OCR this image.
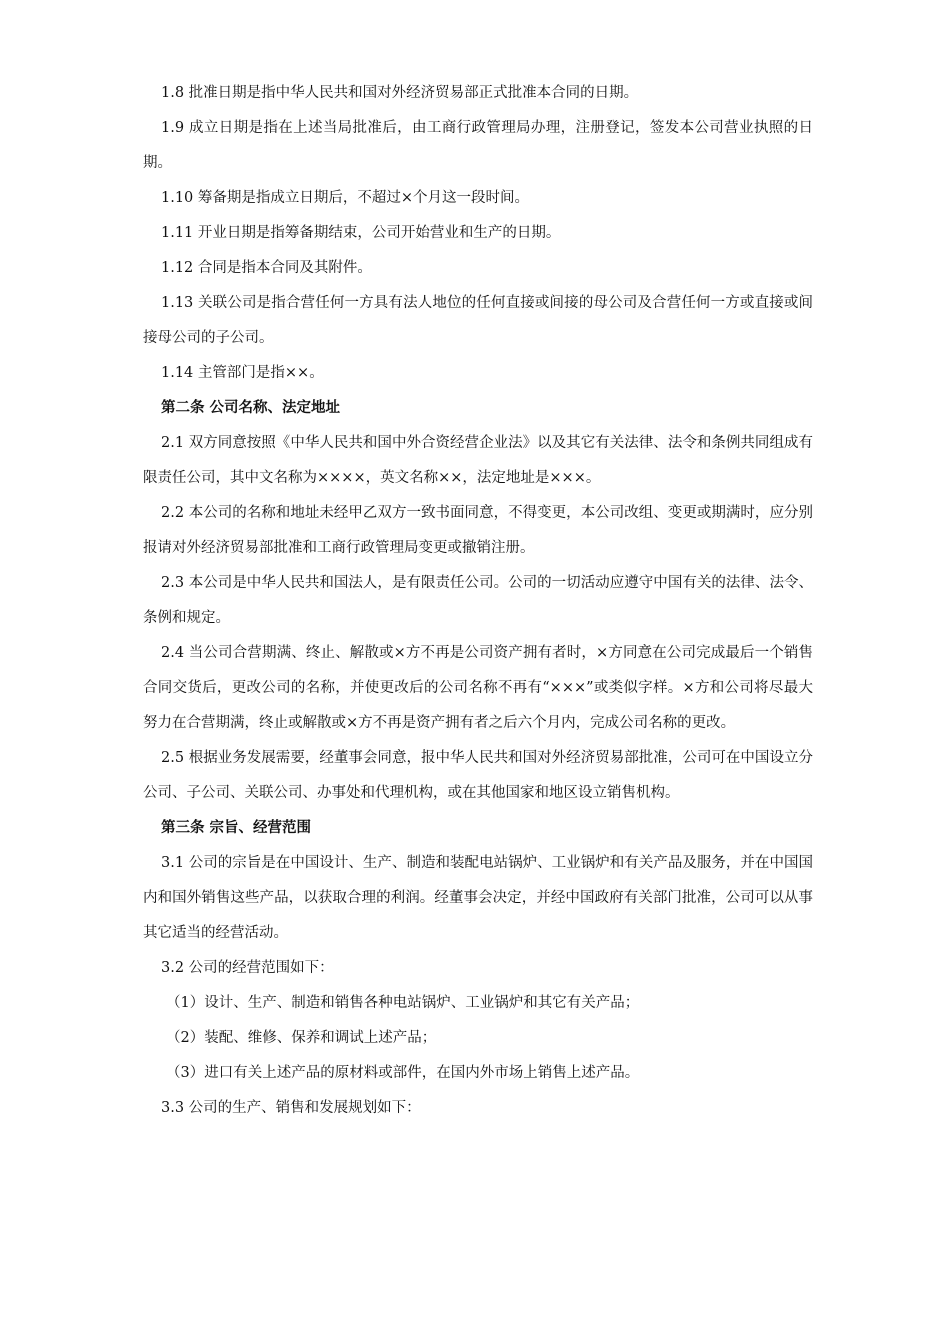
1.8 批准日期是指中华人民共和国对外经济贸易部正式批准本合同的日期。

1.9 成立日期是指在上述当局批准后，由工商行政管理局办理，注册登记，签发本公司营业执照的日期。

1.10 筹备期是指成立日期后，不超过×个月这一段时间。

1.11 开业日期是指筹备期结束，公司开始营业和生产的日期。

1.12 合同是指本合同及其附件。

1.13 关联公司是指合营任何一方具有法人地位的任何直接或间接的母公司及合营任何一方或直接或间接母公司的子公司。

1.14 主管部门是指××。

第二条 公司名称、法定地址

2.1 双方同意按照《中华人民共和国中外合资经营企业法》以及其它有关法律、法令和条例共同组成有限责任公司，其中文名称为××××，英文名称××，法定地址是×××。

2.2 本公司的名称和地址未经甲乙双方一致书面同意，不得变更，本公司改组、变更或期满时，应分别报请对外经济贸易部批准和工商行政管理局变更或撤销注册。

2.3 本公司是中华人民共和国法人，是有限责任公司。公司的一切活动应遵守中国有关的法律、法令、条例和规定。

2.4 当公司合营期满、终止、解散或×方不再是公司资产拥有者时，×方同意在公司完成最后一个销售合同交货后，更改公司的名称，并使更改后的公司名称不再有“×××”或类似字样。×方和公司将尽最大努力在合营期满，终止或解散或×方不再是资产拥有者之后六个月内，完成公司名称的更改。

2.5 根据业务发展需要，经董事会同意，报中华人民共和国对外经济贸易部批准，公司可在中国设立分公司、子公司、关联公司、办事处和代理机构，或在其他国家和地区设立销售机构。

第三条 宗旨、经营范围

3.1 公司的宗旨是在中国设计、生产、制造和装配电站锅炉、工业锅炉和有关产品及服务，并在中国国内和国外销售这些产品，以获取合理的利润。经董事会决定，并经中国政府有关部门批准，公司可以从事其它适当的经营活动。

3.2 公司的经营范围如下：

（1）设计、生产、制造和销售各种电站锅炉、工业锅炉和其它有关产品；

（2）装配、维修、保养和调试上述产品；

（3）进口有关上述产品的原材料或部件，在国内外市场上销售上述产品。

3.3 公司的生产、销售和发展规划如下：
